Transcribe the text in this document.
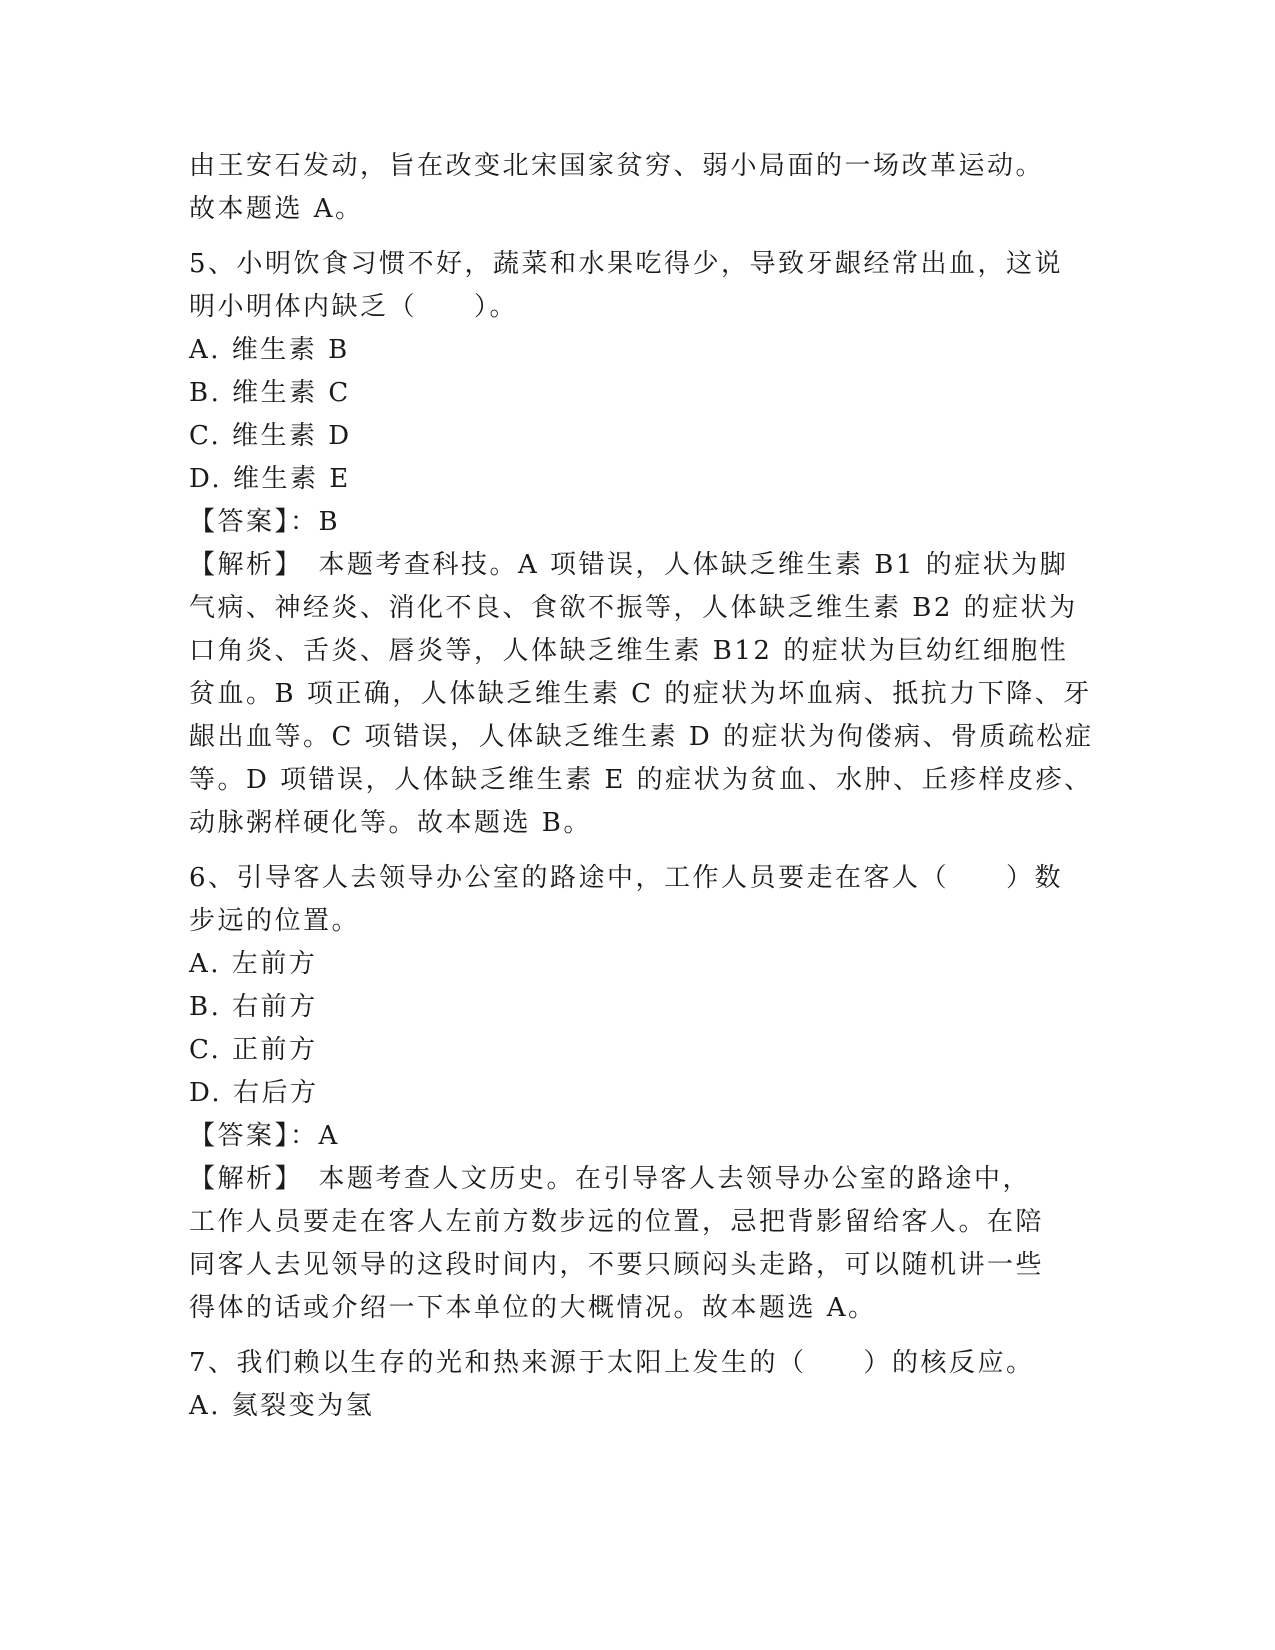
由王安石发动，旨在改变北宋国家贫穷、弱小局面的一场改革运动。
故本题选 A。
5、小明饮食习惯不好，蔬菜和水果吃得少，导致牙龈经常出血，这说
明小明体内缺乏（　　）。
A. 维生素 B
B. 维生素 C
C. 维生素 D
D. 维生素 E
【答案】：B
【解析】　本题考查科技。A 项错误，人体缺乏维生素 B1 的症状为脚
气病、神经炎、消化不良、食欲不振等，人体缺乏维生素 B2 的症状为
口角炎、舌炎、唇炎等，人体缺乏维生素 B12 的症状为巨幼红细胞性
贫血。B 项正确，人体缺乏维生素 C 的症状为坏血病、抵抗力下降、牙
龈出血等。C 项错误，人体缺乏维生素 D 的症状为佝偻病、骨质疏松症
等。D 项错误，人体缺乏维生素 E 的症状为贫血、水肿、丘疹样皮疹、
动脉粥样硬化等。故本题选 B。
6、引导客人去领导办公室的路途中，工作人员要走在客人（　　）数
步远的位置。
A. 左前方
B. 右前方
C. 正前方
D. 右后方
【答案】：A
【解析】　本题考查人文历史。在引导客人去领导办公室的路途中，
工作人员要走在客人左前方数步远的位置，忌把背影留给客人。在陪
同客人去见领导的这段时间内，不要只顾闷头走路，可以随机讲一些
得体的话或介绍一下本单位的大概情况。故本题选 A。
7、我们赖以生存的光和热来源于太阳上发生的（　　）的核反应。
A. 氦裂变为氢
